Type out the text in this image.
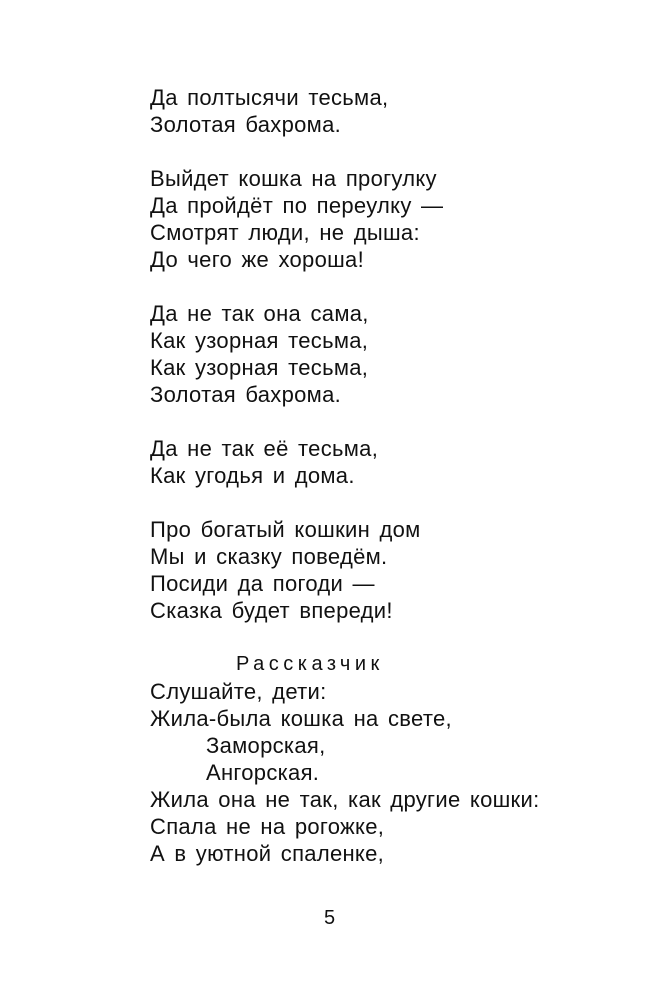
Да полтысячи тесьма,
Золотая бахрома.
Выйдет кошка на прогулку
Да пройдёт по переулку —
Смотрят люди, не дыша:
До чего же хороша!
Да не так она сама,
Как узорная тесьма,
Как узорная тесьма,
Золотая бахрома.
Да не так её тесьма,
Как угодья и дома.
Про богатый кошкин дом
Мы и сказку поведём.
Посиди да погоди —
Сказка будет впереди!
Рассказчик
Слушайте, дети:
Жила-была кошка на свете,
Заморская,
Ангорская.
Жила она не так, как другие кошки:
Спала не на рогожке,
А в уютной спаленке,
5
